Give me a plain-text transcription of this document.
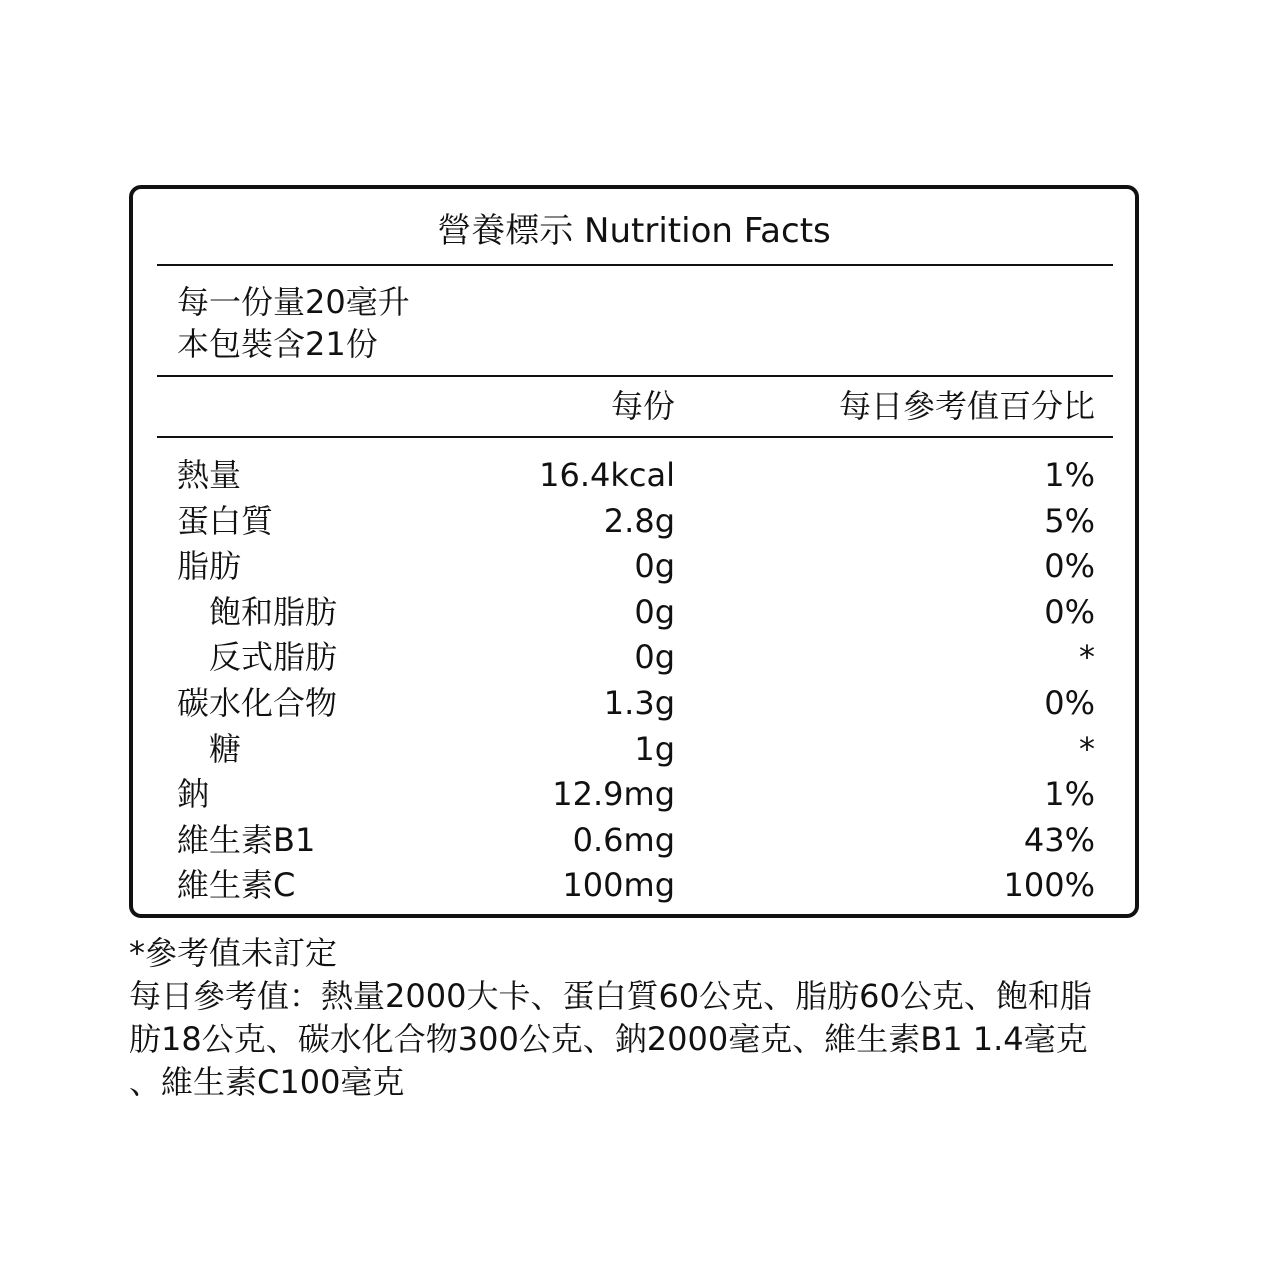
營養標示 Nutrition Facts
每一份量20毫升
本包裝含21份
每份	每日參考值百分比
熱量	16.4kcal	1%
蛋白質	2.8g	5%
脂肪	0g	0%
飽和脂肪	0g	0%
反式脂肪	0g	*
碳水化合物	1.3g	0%
糖	1g	*
鈉	12.9mg	1%
維生素B1	0.6mg	43%
維生素C	100mg	100%
*參考值未訂定
每日參考值：熱量2000大卡、蛋白質60公克、脂肪60公克、飽和脂
肪18公克、碳水化合物300公克、鈉2000毫克、維生素B1 1.4毫克
、維生素C100毫克
